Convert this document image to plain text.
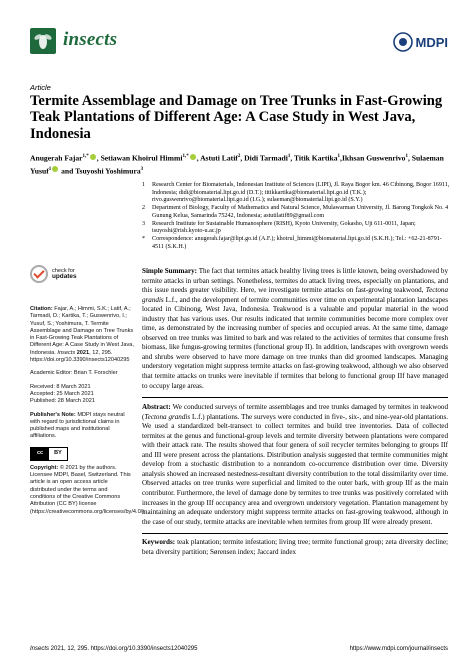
insects	MDPI
Article
Termite Assemblage and Damage on Tree Trunks in Fast-Growing Teak Plantations of Different Age: A Case Study in West Java, Indonesia
Anugerah Fajar$^{1,*}$ , Setiawan Khoirul Himmi$^{1,*}$ , Astuti Latif$^2$, Didi Tarmadi$^1$, Titik Kartika$^1$,Ikhsan Guswenrivo$^1$, Sulaeman Yusuf$^1$ and Tsuyoshi Yoshimura$^3$
1	Research Center for Biomaterials, Indonesian Institute of Sciences (LIPI), Jl. Raya Bogor km. 46 Cibinong, Bogor 16911, Indonesia; didi@biomaterial.lipi.go.id (D.T.); titikkartika@biomaterial.lipi.go.id (T.K.); rivo.guswenrivo@biomaterial.lipi.go.id (I.G.); sulaeman@biomaterial.lipi.go.id (S.Y.)
2	Department of Biology, Faculty of Mathematics and Natural Science, Mulawarman University, Jl. Barong Tongkok No. 4 Gunung Kelua, Samarinda 75242, Indonesia; astutilatif89@gmail.com
3	Research Institute for Sustainable Humanosphere (RISH), Kyoto University, Gokasho, Uji 611-0011, Japan; tsuyoshi@rish.kyoto-u.ac.jp
*	Correspondence: anugerah.fajar@lipi.go.id (A.F.); khoirul_himmi@biomaterial.lipi.go.id (S.K.H.); Tel.: +62-21-8791-4511 (S.K.H.)
check for
updates
Citation: Fajar, A.; Himmi, S.K.; Latif, A.; Tarmadi, D.; Kartika, T.; Guswenrivo, I.; Yusuf, S.; Yoshimura, T. Termite Assemblage and Damage on Tree Trunks in Fast-Growing Teak Plantations of Different Age: A Case Study in West Java, Indonesia. Insects 2021, 12, 295. https://doi.org/10.3390/insects12040295
Academic Editor: Brian T. Forschler
Received: 8 March 2021
Accepted: 25 March 2021
Published: 28 March 2021
Publisher's Note: MDPI stays neutral with regard to jurisdictional claims in published maps and institutional affiliations.
cc	BY
Copyright: © 2021 by the authors. Licensee MDPI, Basel, Switzerland. This article is an open access article distributed under the terms and conditions of the Creative Commons Attribution (CC BY) license (https://creativecommons.org/licenses/by/4.0/).
Simple Summary: The fact that termites attack healthy living trees is little known, being overshadowed by termite attacks in urban settings. Nonetheless, termites do attack living trees, especially on plantations, and this issue needs greater visibility. Here, we investigate termite attacks on fast-growing teakwood, Tectona grandis L.f., and the development of termite communities over time on experimental plantation landscapes located in Cibinong, West Java, Indonesia. Teakwood is a valuable and popular material in the wood industry that has various uses. Our results indicated that termite communities become more complex over time, as demonstrated by the increasing number of species and occupied areas. At the same time, damage observed on tree trunks was limited to bark and was related to the activities of termites that consume fresh biomass, like fungus-growing termites (functional group II). In addition, landscapes with overgrown weeds and shrubs were observed to have more damage on tree trunks than did groomed landscapes. Managing understory vegetation might suppress termite attacks on fast-growing teakwood, although we also observed that termite attacks on trunks were inevitable if termites that belong to functional group IIf have managed to occupy large areas.
Abstract: We conducted surveys of termite assemblages and tree trunks damaged by termites in teakwood (Tectona grandis L.f.) plantations. The surveys were conducted in five-, six-, and nine-year-old plantations. We used a standardized belt-transect to collect termites and build tree inventories. Data of collected termites at the genus and functional-group levels and termite diversity between plantations were compared with their attack rate. The results showed that four genera of soil recycler termites belonging to groups IIf and III were present across the plantations. Distribution analysis suggested that termite communities might develop from a stochastic distribution to a nonrandom co-occurrence distribution over time. Diversity analysis showed an increased nestedness-resultant diversity contribution to the total dissimilarity over time. Observed attacks on tree trunks were superficial and limited to the outer bark, with group IIf as the main contributor. Furthermore, the level of damage done by termites to tree trunks was positively correlated with increases in the group IIf occupancy area and overgrown understory vegetation. Plantation management by maintaining an adequate understory might suppress termite attacks on fast-growing teakwood, although in the case of our study, termite attacks are inevitable when termites from group IIf were already present.
Keywords: teak plantation; termite infestation; living tree; termite functional group; zeta diversity decline; beta diversity partition; Sørensen index; Jaccard index
Insects 2021, 12, 295. https://doi.org/10.3390/insects12040295	https://www.mdpi.com/journal/insects
